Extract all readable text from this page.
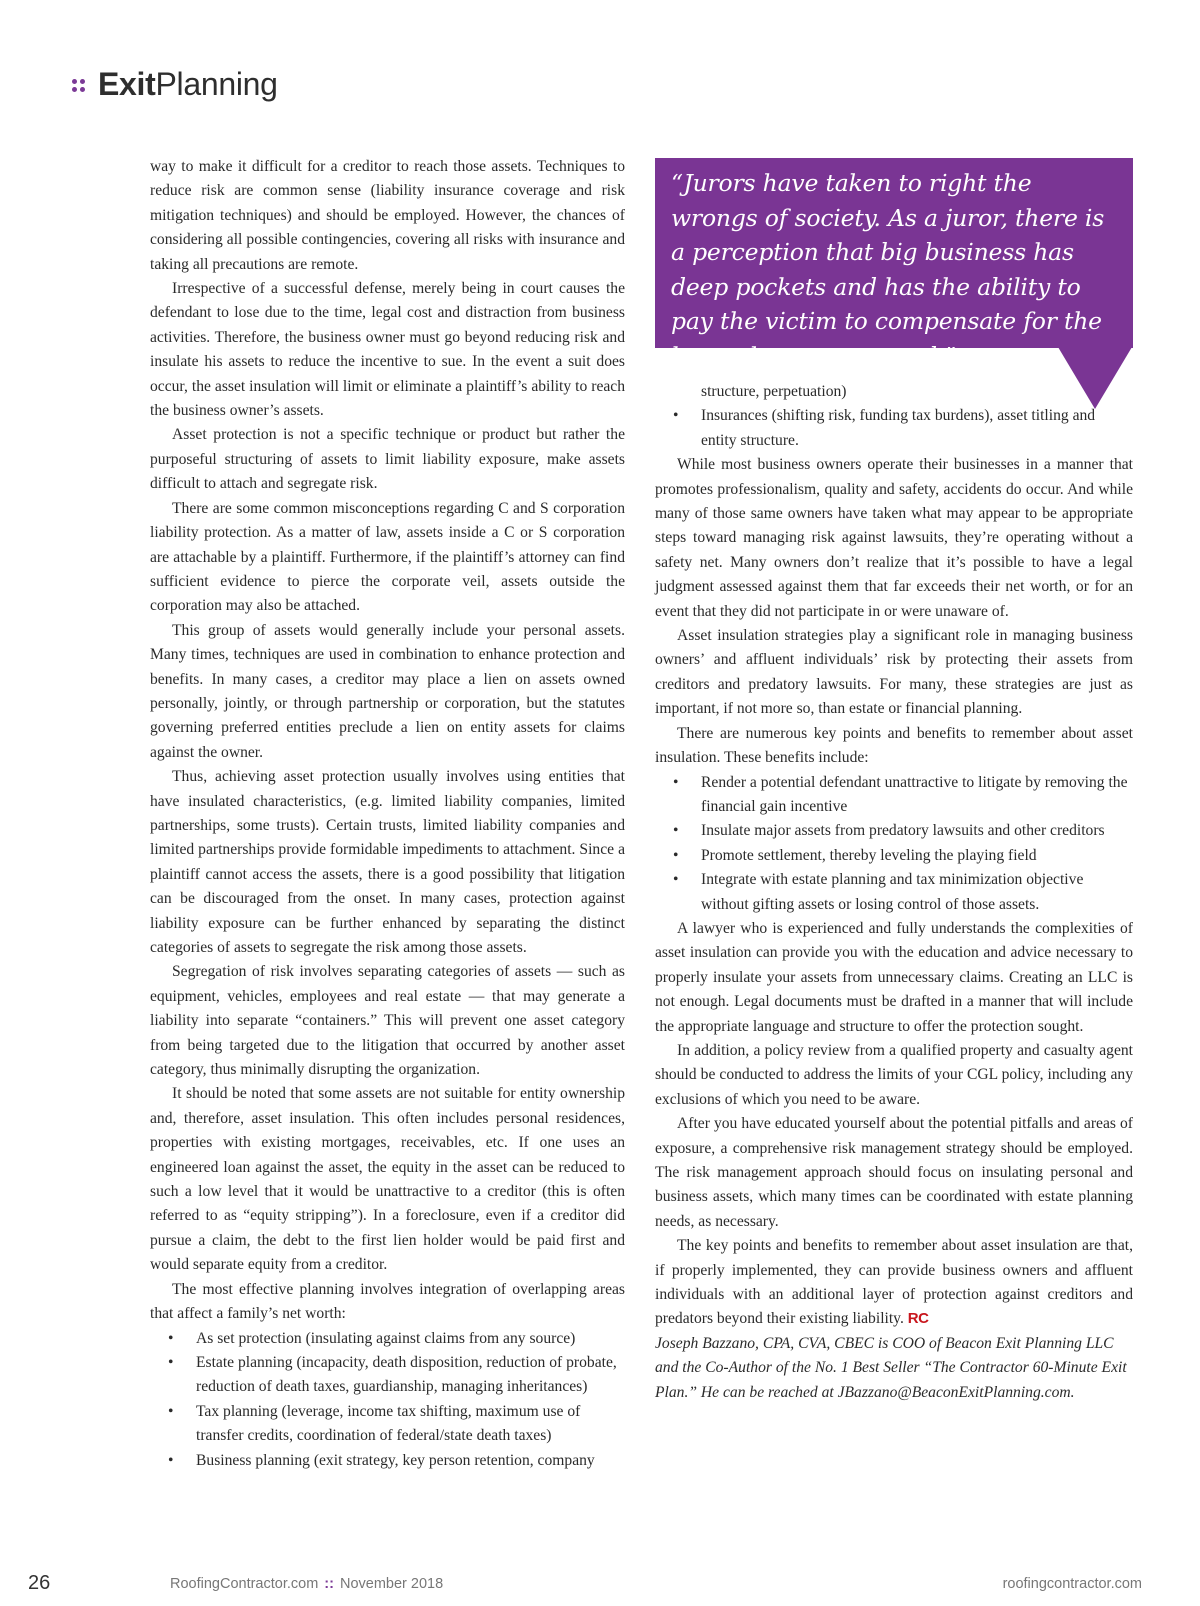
ExitPlanning

way to make it difficult for a creditor to reach those assets. Techniques to reduce risk are common sense (liability insurance coverage and risk mitigation techniques) and should be employed. However, the chances of considering all possible contingencies, covering all risks with insurance and taking all precautions are remote.

Irrespective of a successful defense, merely being in court causes the defendant to lose due to the time, legal cost and distraction from business activities. Therefore, the business owner must go beyond reducing risk and insulate his assets to reduce the incentive to sue. In the event a suit does occur, the asset insulation will limit or eliminate a plaintiff’s ability to reach the business owner’s assets.

Asset protection is not a specific technique or product but rather the purposeful structuring of assets to limit liability exposure, make assets difficult to attach and segregate risk.

There are some common misconceptions regarding C and S corporation liability protection. As a matter of law, assets inside a C or S corporation are attachable by a plaintiff. Furthermore, if the plaintiff’s attorney can find sufficient evidence to pierce the corporate veil, assets outside the corporation may also be attached.

This group of assets would generally include your personal assets. Many times, techniques are used in combination to enhance protection and benefits. In many cases, a creditor may place a lien on assets owned personally, jointly, or through partnership or corporation, but the statutes governing preferred entities preclude a lien on entity assets for claims against the owner.

Thus, achieving asset protection usually involves using entities that have insulated characteristics, (e.g. limited liability companies, limited partnerships, some trusts). Certain trusts, limited liability companies and limited partnerships provide formidable impediments to attachment. Since a plaintiff cannot access the assets, there is a good possibility that litigation can be discouraged from the onset. In many cases, protection against liability exposure can be further enhanced by separating the distinct categories of assets to segregate the risk among those assets.

Segregation of risk involves separating categories of assets — such as equipment, vehicles, employees and real estate — that may generate a liability into separate “containers.” This will prevent one asset category from being targeted due to the litigation that occurred by another asset category, thus minimally disrupting the organization.

It should be noted that some assets are not suitable for entity ownership and, therefore, asset insulation. This often includes personal residences, properties with existing mortgages, receivables, etc. If one uses an engineered loan against the asset, the equity in the asset can be reduced to such a low level that it would be unattractive to a creditor (this is often referred to as “equity stripping”). In a foreclosure, even if a creditor did pursue a claim, the debt to the first lien holder would be paid first and would separate equity from a creditor.

The most effective planning involves integration of overlapping areas that affect a family’s net worth:

• As set protection (insulating against claims from any source)
• Estate planning (incapacity, death disposition, reduction of probate, reduction of death taxes, guardianship, managing inheritances)
• Tax planning (leverage, income tax shifting, maximum use of transfer credits, coordination of federal/state death taxes)
• Business planning (exit strategy, key person retention, company
“Jurors have taken to right the wrongs of society. As a juror, there is a perception that big business has deep pockets and has the ability to pay the victim to compensate for the harm that was created.”
structure, perpetuation)
• Insurances (shifting risk, funding tax burdens), asset titling and entity structure.

While most business owners operate their businesses in a manner that promotes professionalism, quality and safety, accidents do occur. And while many of those same owners have taken what may appear to be appropriate steps toward managing risk against lawsuits, they’re operating without a safety net. Many owners don’t realize that it’s possible to have a legal judgment assessed against them that far exceeds their net worth, or for an event that they did not participate in or were unaware of.

Asset insulation strategies play a significant role in managing business owners’ and affluent individuals’ risk by protecting their assets from creditors and predatory lawsuits. For many, these strategies are just as important, if not more so, than estate or financial planning.

There are numerous key points and benefits to remember about asset insulation. These benefits include:

• Render a potential defendant unattractive to litigate by removing the financial gain incentive
• Insulate major assets from predatory lawsuits and other creditors
• Promote settlement, thereby leveling the playing field
• Integrate with estate planning and tax minimization objective without gifting assets or losing control of those assets.

A lawyer who is experienced and fully understands the complexities of asset insulation can provide you with the education and advice necessary to properly insulate your assets from unnecessary claims. Creating an LLC is not enough. Legal documents must be drafted in a manner that will include the appropriate language and structure to offer the protection sought.

In addition, a policy review from a qualified property and casualty agent should be conducted to address the limits of your CGL policy, including any exclusions of which you need to be aware.

After you have educated yourself about the potential pitfalls and areas of exposure, a comprehensive risk management strategy should be employed. The risk management approach should focus on insulating personal and business assets, which many times can be coordinated with estate planning needs, as necessary.

The key points and benefits to remember about asset insulation are that, if properly implemented, they can provide business owners and affluent individuals with an additional layer of protection against creditors and predators beyond their existing liability. RC

Joseph Bazzano, CPA, CVA, CBEC is COO of Beacon Exit Planning LLC and the Co-Author of the No. 1 Best Seller “The Contractor 60-Minute Exit Plan.” He can be reached at JBazzano@BeaconExitPlanning.com.

26	RoofingContractor.com :: November 2018	roofingcontractor.com
